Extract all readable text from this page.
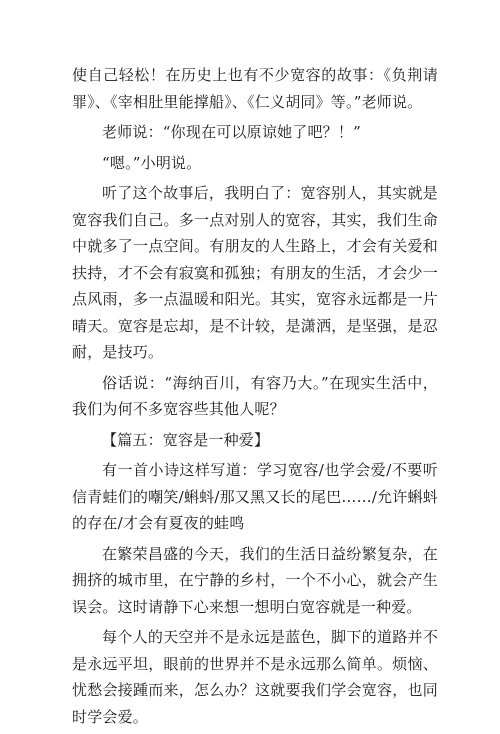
使自己轻松！在历史上也有不少宽容的故事：《负荆请罪》、《宰相肚里能撑船》、《仁义胡同》等。”老师说。

老师说：“你现在可以原谅她了吧？！”

“嗯。”小明说。

听了这个故事后，我明白了：宽容别人，其实就是宽容我们自己。多一点对别人的宽容，其实，我们生命中就多了一点空间。有朋友的人生路上，才会有关爱和扶持，才不会有寂寞和孤独；有朋友的生活，才会少一点风雨，多一点温暖和阳光。其实，宽容永远都是一片晴天。宽容是忘却，是不计较，是潇洒，是坚强，是忍耐，是技巧。

俗话说：“海纳百川，有容乃大。”在现实生活中，我们为何不多宽容些其他人呢？

【篇五：宽容是一种爱】

有一首小诗这样写道：学习宽容/也学会爱/不要听信青蛙们的嘲笑/蝌蚪/那又黑又长的尾巴……/允许蝌蚪的存在/才会有夏夜的蛙鸣

在繁荣昌盛的今天，我们的生活日益纷繁复杂，在拥挤的城市里，在宁静的乡村，一个不小心，就会产生误会。这时请静下心来想一想明白宽容就是一种爱。

每个人的天空并不是永远是蓝色，脚下的道路并不是永远平坦，眼前的世界并不是永远那么简单。烦恼、忧愁会接踵而来，怎么办？这就要我们学会宽容，也同时学会爱。
